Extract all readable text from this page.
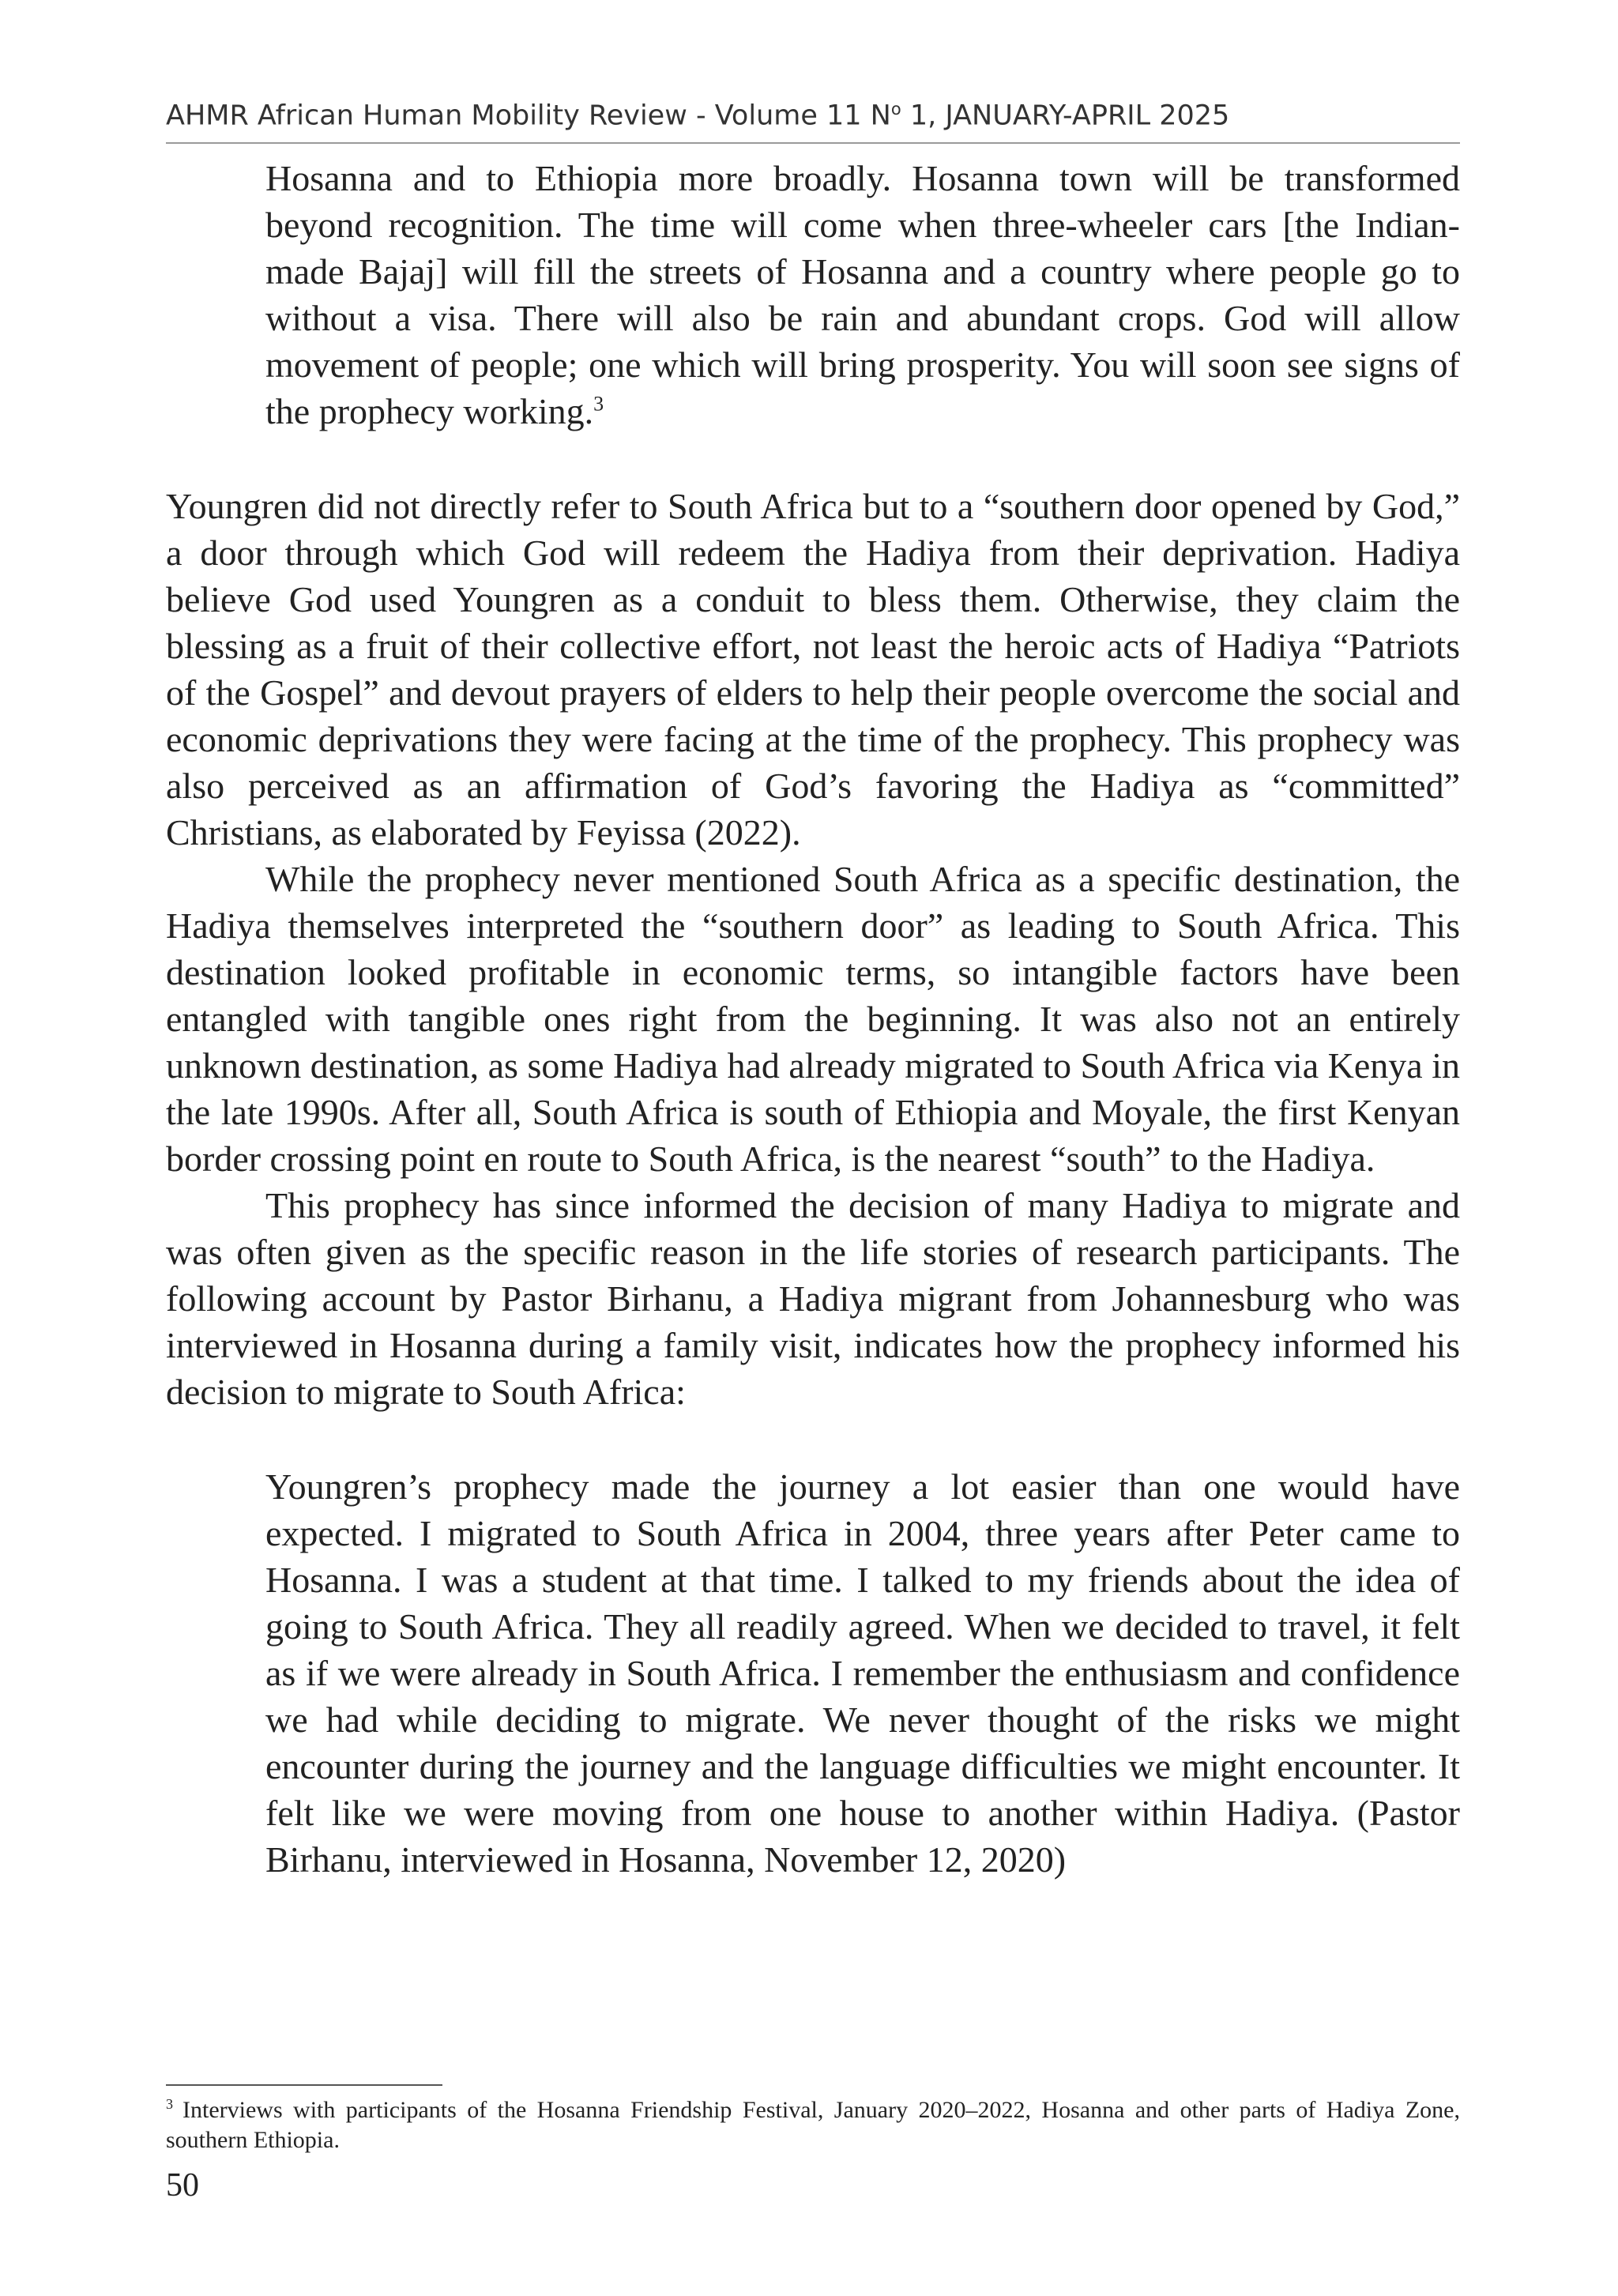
AHMR African Human Mobility Review - Volume 11 $N^o$ 1, JANUARY-APRIL 2025

Hosanna and to Ethiopia more broadly. Hosanna town will be transformed beyond recognition. The time will come when three-wheeler cars [the Indian-made Bajaj] will fill the streets of Hosanna and a country where people go to without a visa. There will also be rain and abundant crops. God will allow movement of people; one which will bring prosperity. You will soon see signs of the prophecy working.$^3$

Youngren did not directly refer to South Africa but to a “southern door opened by God,” a door through which God will redeem the Hadiya from their deprivation. Hadiya believe God used Youngren as a conduit to bless them. Otherwise, they claim the blessing as a fruit of their collective effort, not least the heroic acts of Hadiya “Patriots of the Gospel” and devout prayers of elders to help their people overcome the social and economic deprivations they were facing at the time of the prophecy. This prophecy was also perceived as an affirmation of God’s favoring the Hadiya as “committed” Christians, as elaborated by Feyissa (2022).

While the prophecy never mentioned South Africa as a specific destination, the Hadiya themselves interpreted the “southern door” as leading to South Africa. This destination looked profitable in economic terms, so intangible factors have been entangled with tangible ones right from the beginning. It was also not an entirely unknown destination, as some Hadiya had already migrated to South Africa via Kenya in the late 1990s. After all, South Africa is south of Ethiopia and Moyale, the first Kenyan border crossing point en route to South Africa, is the nearest “south” to the Hadiya.

This prophecy has since informed the decision of many Hadiya to migrate and was often given as the specific reason in the life stories of research participants. The following account by Pastor Birhanu, a Hadiya migrant from Johannesburg who was interviewed in Hosanna during a family visit, indicates how the prophecy informed his decision to migrate to South Africa:

Youngren’s prophecy made the journey a lot easier than one would have expected. I migrated to South Africa in 2004, three years after Peter came to Hosanna. I was a student at that time. I talked to my friends about the idea of going to South Africa. They all readily agreed. When we decided to travel, it felt as if we were already in South Africa. I remember the enthusiasm and confidence we had while deciding to migrate. We never thought of the risks we might encounter during the journey and the language difficulties we might encounter. It felt like we were moving from one house to another within Hadiya. (Pastor Birhanu, interviewed in Hosanna, November 12, 2020)

$^3$ Interviews with participants of the Hosanna Friendship Festival, January 2020–2022, Hosanna and other parts of Hadiya Zone, southern Ethiopia.
50
